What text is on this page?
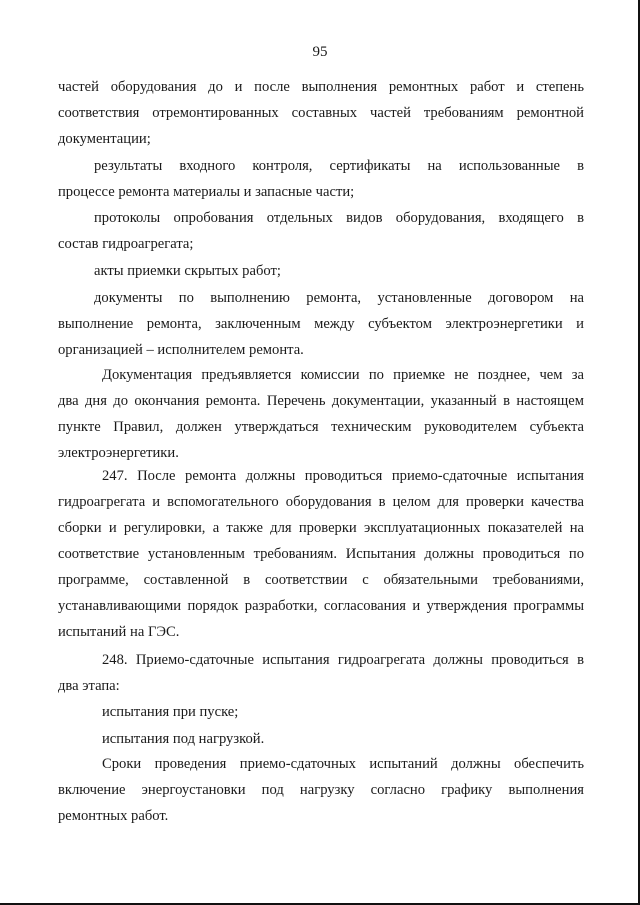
95
частей оборудования до и после выполнения ремонтных работ и степень
соответствия отремонтированных составных частей требованиям ремонтной
документации;
результаты входного контроля, сертификаты на использованные в
процессе ремонта материалы и запасные части;
протоколы опробования отдельных видов оборудования, входящего в
состав гидроагрегата;
акты приемки скрытых работ;
документы по выполнению ремонта, установленные договором на
выполнение ремонта, заключенным между субъектом электроэнергетики и
организацией – исполнителем ремонта.
Документация предъявляется комиссии по приемке не позднее, чем за
два дня до окончания ремонта. Перечень документации, указанный в настоящем
пункте Правил, должен утверждаться техническим руководителем субъекта
электроэнергетики.
247. После ремонта должны проводиться приемо-сдаточные испытания
гидроагрегата и вспомогательного оборудования в целом для проверки качества
сборки и регулировки, а также для проверки эксплуатационных показателей на
соответствие установленным требованиям. Испытания должны проводиться по
программе, составленной в соответствии с обязательными требованиями,
устанавливающими порядок разработки, согласования и утверждения программы
испытаний на ГЭС.
248. Приемо-сдаточные испытания гидроагрегата должны проводиться в
два этапа:
испытания при пуске;
испытания под нагрузкой.
Сроки проведения приемо-сдаточных испытаний должны обеспечить
включение энергоустановки под нагрузку согласно графику выполнения
ремонтных работ.
